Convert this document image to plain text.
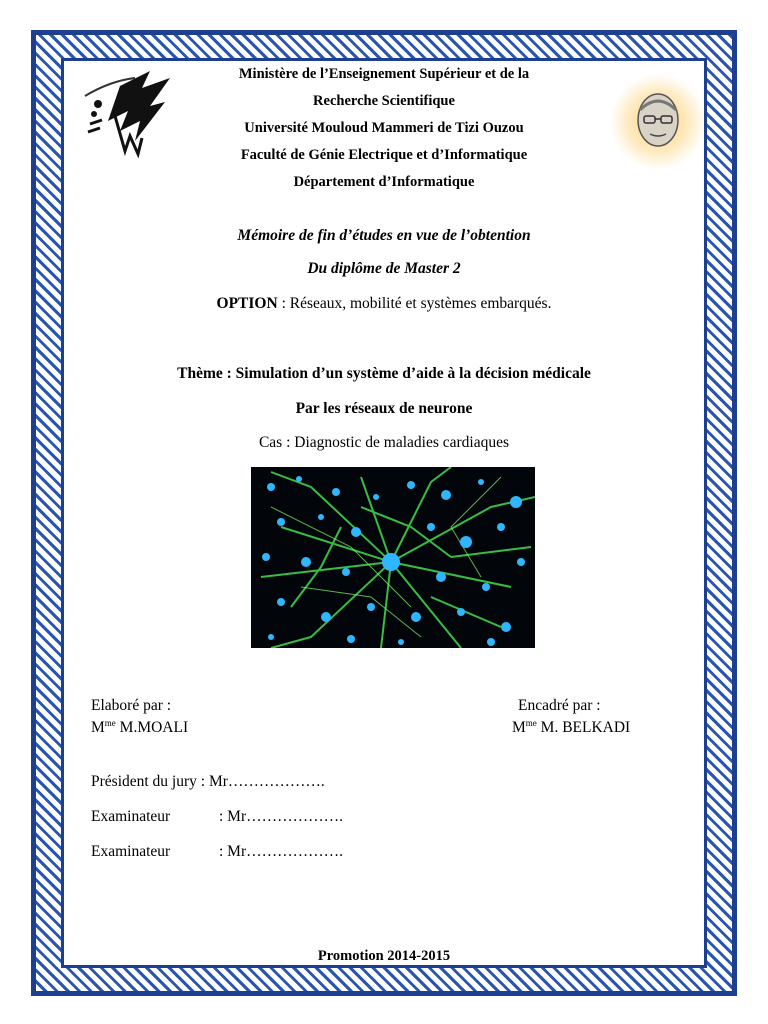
Ministère de l’Enseignement Supérieur et de la
Recherche Scientifique
Université Mouloud Mammeri de Tizi Ouzou
Faculté de Génie Electrique et d’Informatique
Département d’Informatique
Mémoire de fin d’études en vue de l’obtention
Du diplôme de Master 2
OPTION : Réseaux, mobilité et systèmes embarqués.
Thème : Simulation d’un système d’aide à la décision médicale
Par les réseaux de neurone
Cas : Diagnostic de maladies cardiaques
Elaboré par :
$M^{me}$ M.MOALI
Encadré par :
$M^{me}$ M. BELKADI
Président du jury : Mr……………….
Examinateur	: Mr……………….
Examinateur	: Mr……………….
Promotion 2014-2015
